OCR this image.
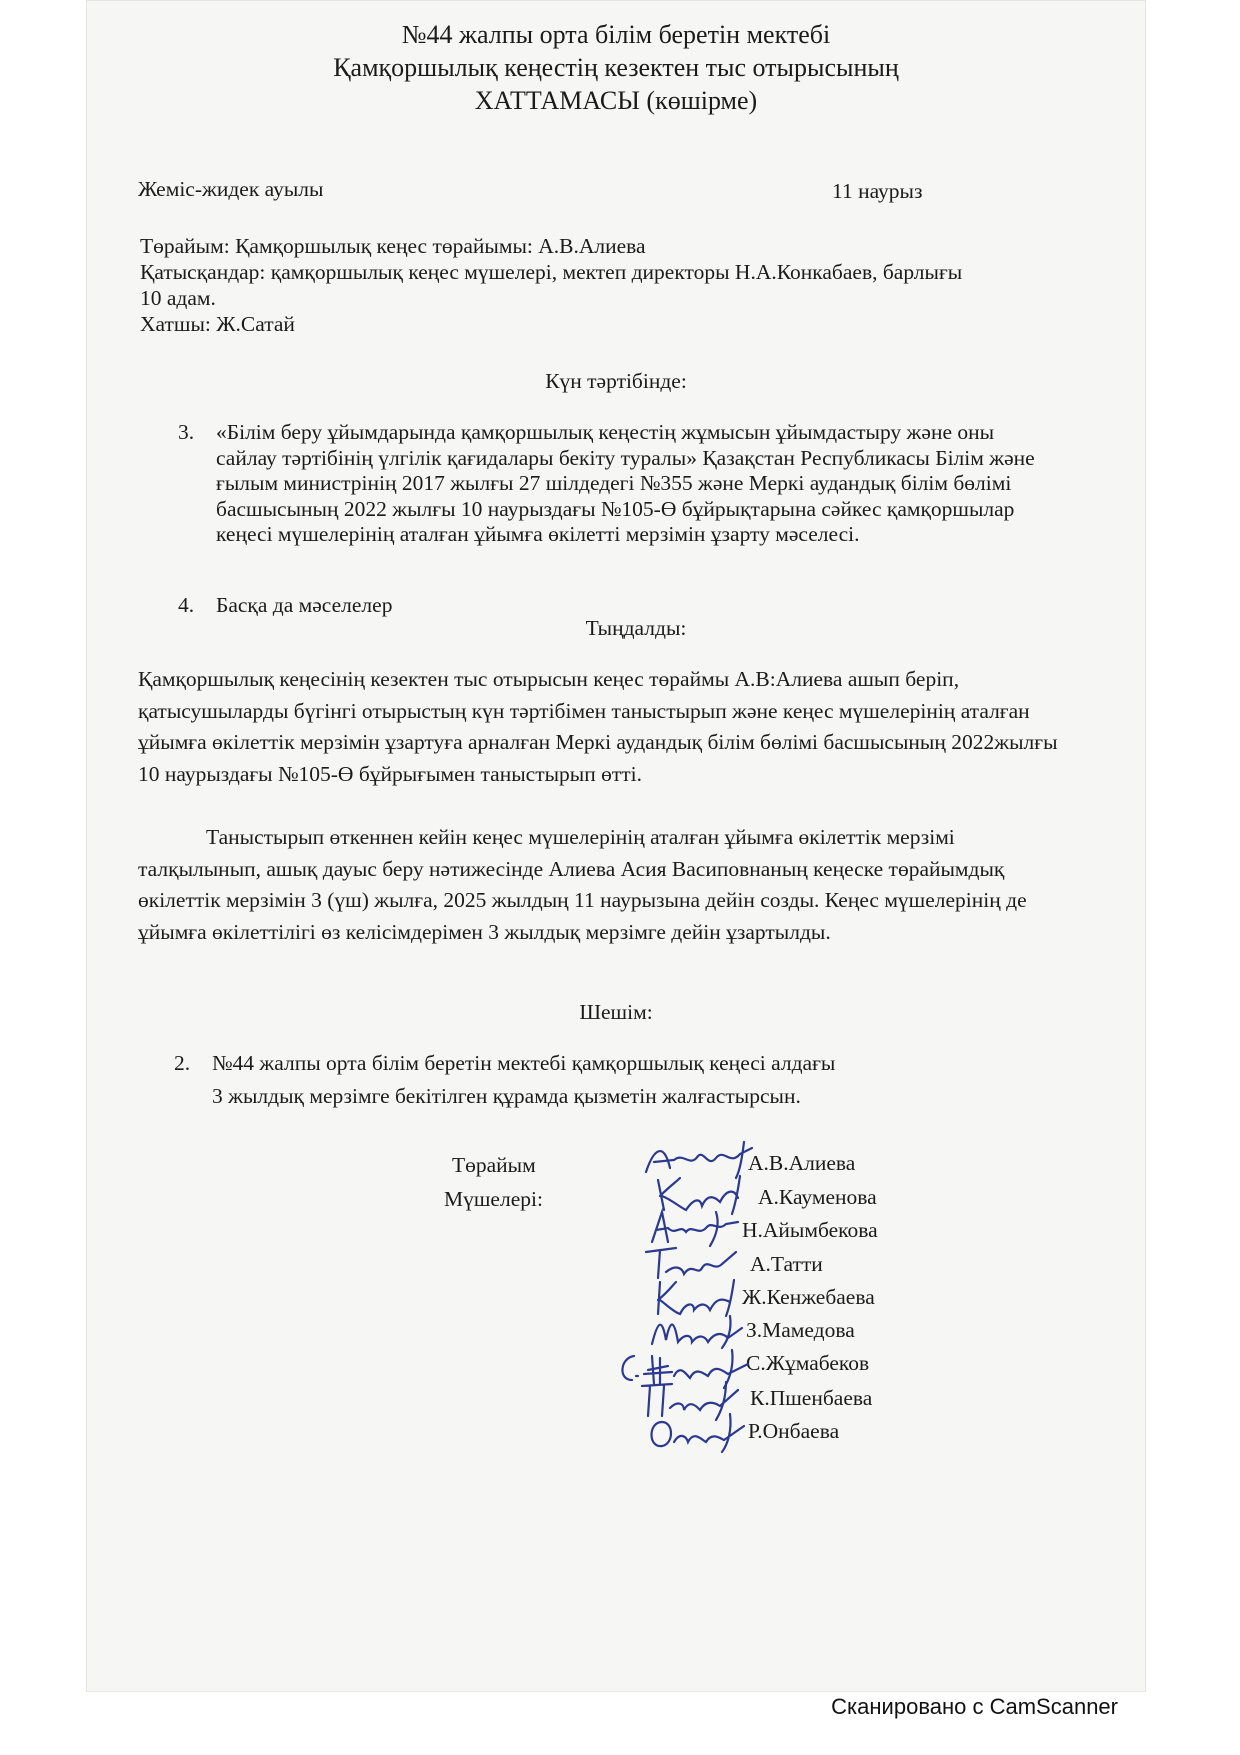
№44 жалпы орта білім беретін мектебі
Қамқоршылық кеңестің кезектен тыс отырысының
ХАТТАМАСЫ (көшірме)
Жеміс-жидек ауылы	11 наурыз
Төрайым: Қамқоршылық кеңес төрайымы: А.В.Алиева
Қатысқандар: қамқоршылық кеңес мүшелері, мектеп директоры Н.А.Конкабаев, барлығы
10 адам.
Хатшы: Ж.Сатай
Күн тәртібінде:
3.	«Білім беру ұйымдарында қамқоршылық кеңестің жұмысын ұйымдастыру және оны сайлау тәртібінің үлгілік қағидалары бекіту туралы» Қазақстан Республикасы Білім және ғылым министрінің 2017 жылғы 27 шілдедегі №355 және Меркі аудандық білім бөлімі басшысының 2022 жылғы 10 наурыздағы №105-Ө бұйрықтарына сәйкес қамқоршылар кеңесі мүшелерінің аталған ұйымға өкілетті мерзімін ұзарту мәселесі.
4.	Басқа да мәселелер
Тыңдалды:
Қамқоршылық кеңесінің кезектен тыс отырысын кеңес төраймы А.В:Алиева ашып беріп, қатысушыларды бүгінгі отырыстың күн тәртібімен таныстырып және кеңес мүшелерінің аталған ұйымға өкілеттік мерзімін ұзартуға арналған Меркі аудандық білім бөлімі басшысының 2022жылғы 10 наурыздағы №105-Ө бұйрығымен таныстырып өтті.
Таныстырып өткеннен кейін кеңес мүшелерінің аталған ұйымға өкілеттік мерзімі талқылынып, ашық дауыс беру нәтижесінде Алиева Асия Васиповнаның кеңеске төрайымдық өкілеттік мерзімін 3 (үш) жылға, 2025 жылдың 11 наурызына дейін созды. Кеңес мүшелерінің де ұйымға өкілеттілігі өз келісімдерімен 3 жылдық мерзімге дейін ұзартылды.
Шешім:
2. №44 жалпы орта білім беретін мектебі қамқоршылық кеңесі алдағы
3 жылдық мерзімге бекітілген құрамда қызметін жалғастырсын.
Төрайым
Мүшелері:
А.В.Алиева
А.Кауменова
Н.Айымбекова
А.Татти
Ж.Кенжебаева
З.Мамедова
С.Жұмабеков
К.Пшенбаева
Р.Онбаева
Сканировано с CamScanner
